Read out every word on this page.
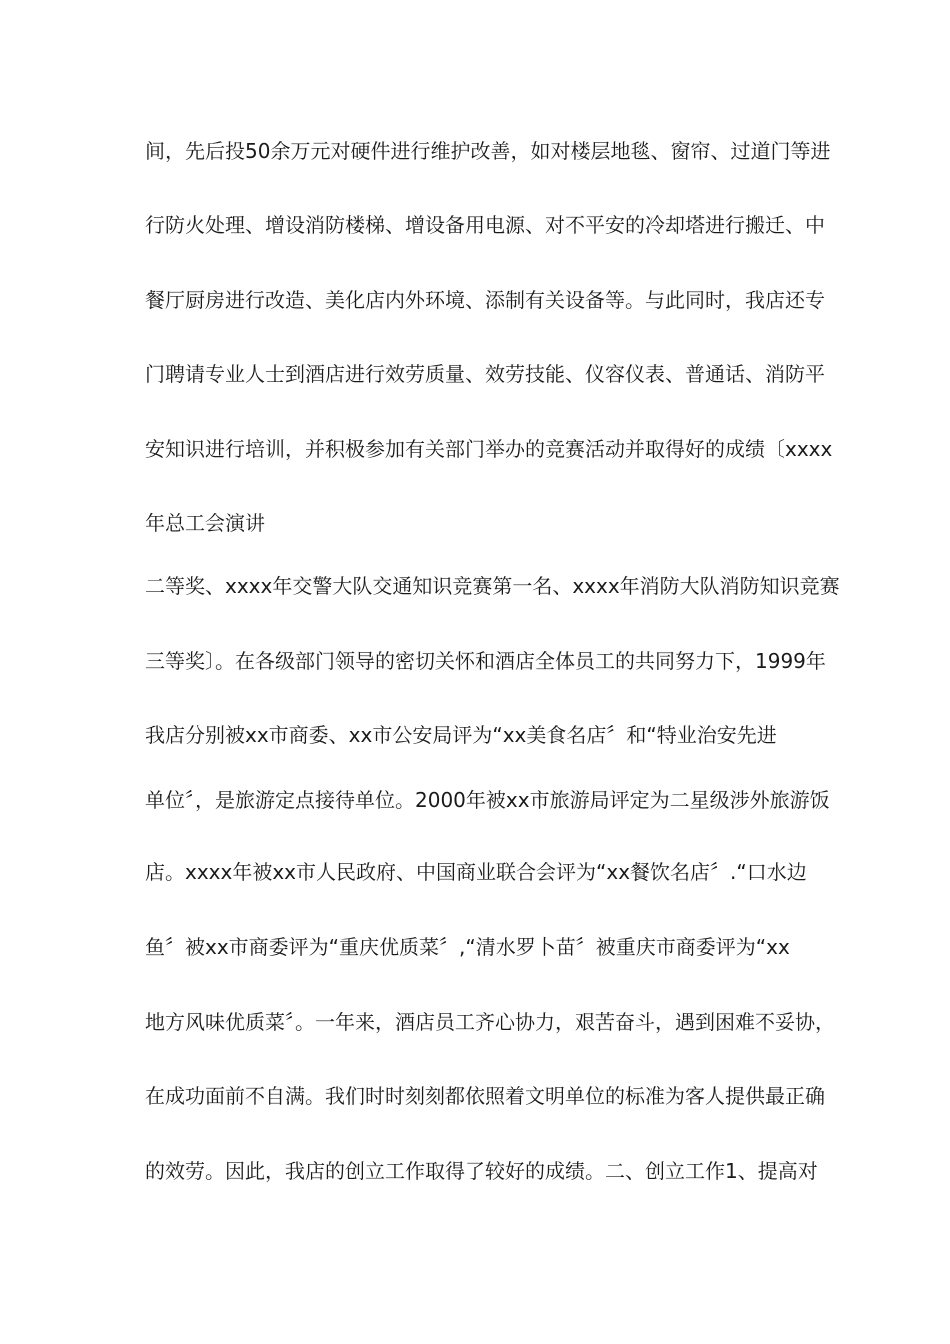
间，先后投50余万元对硬件进行维护改善，如对楼层地毯、窗帘、过道门等进
行防火处理、增设消防楼梯、增设备用电源、对不平安的冷却塔进行搬迁、中
餐厅厨房进行改造、美化店内外环境、添制有关设备等。与此同时，我店还专
门聘请专业人士到酒店进行效劳质量、效劳技能、仪容仪表、普通话、消防平
安知识进行培训，并积极参加有关部门举办的竞赛活动并取得好的成绩〔xxxx
年总工会演讲
二等奖、xxxx年交警大队交通知识竞赛第一名、xxxx年消防大队消防知识竞赛
三等奖〕。在各级部门领导的密切关怀和酒店全体员工的共同努力下，1999年
我店分别被xx市商委、xx市公安局评为“xx美食名店〞和“特业治安先进
单位〞，是旅游定点接待单位。2000年被xx市旅游局评定为二星级涉外旅游饭
店。xxxx年被xx市人民政府、中国商业联合会评为“xx餐饮名店〞.“口水边
鱼〞被xx市商委评为“重庆优质菜〞,“清水罗卜苗〞被重庆市商委评为“xx
地方风味优质菜〞。一年来，酒店员工齐心协力，艰苦奋斗，遇到困难不妥协，
在成功面前不自满。我们时时刻刻都依照着文明单位的标准为客人提供最正确
的效劳。因此，我店的创立工作取得了较好的成绩。二、创立工作1、提高对
